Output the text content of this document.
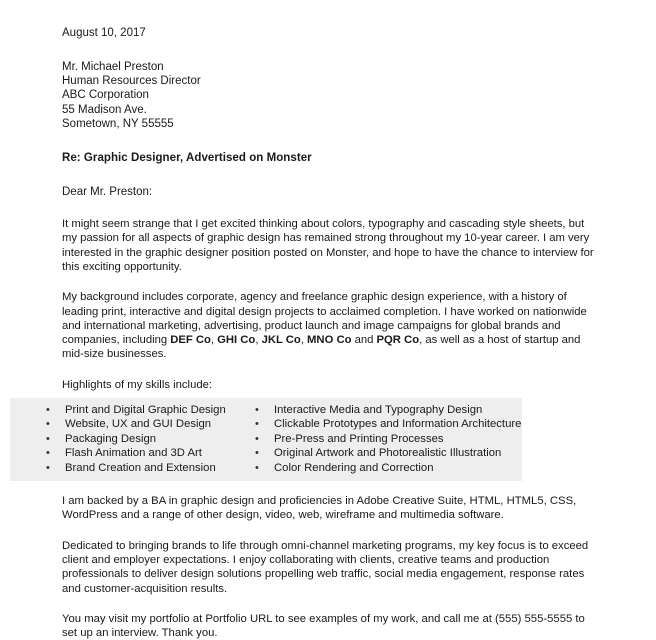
August 10, 2017
Mr. Michael Preston
Human Resources Director
ABC Corporation
55 Madison Ave.
Sometown, NY 55555
Re: Graphic Designer, Advertised on Monster
Dear Mr. Preston:

It might seem strange that I get excited thinking about colors, typography and cascading style sheets, but my passion for all aspects of graphic design has remained strong throughout my 10-year career. I am very interested in the graphic designer position posted on Monster, and hope to have the chance to interview for this exciting opportunity.

My background includes corporate, agency and freelance graphic design experience, with a history of leading print, interactive and digital design projects to acclaimed completion. I have worked on nationwide and international marketing, advertising, product launch and image campaigns for global brands and companies, including DEF Co, GHI Co, JKL Co, MNO Co and PQR Co, as well as a host of startup and mid-size businesses.

Highlights of my skills include:

• Print and Digital Graphic Design
• Website, UX and GUI Design
• Packaging Design
• Flash Animation and 3D Art
• Brand Creation and Extension
• Interactive Media and Typography Design
• Clickable Prototypes and Information Architecture
• Pre-Press and Printing Processes
• Original Artwork and Photorealistic Illustration
• Color Rendering and Correction

I am backed by a BA in graphic design and proficiencies in Adobe Creative Suite, HTML, HTML5, CSS, WordPress and a range of other design, video, web, wireframe and multimedia software.

Dedicated to bringing brands to life through omni-channel marketing programs, my key focus is to exceed client and employer expectations. I enjoy collaborating with clients, creative teams and production professionals to deliver design solutions propelling web traffic, social media engagement, response rates and customer-acquisition results.

You may visit my portfolio at Portfolio URL to see examples of my work, and call me at (555) 555-5555 to set up an interview. Thank you.
